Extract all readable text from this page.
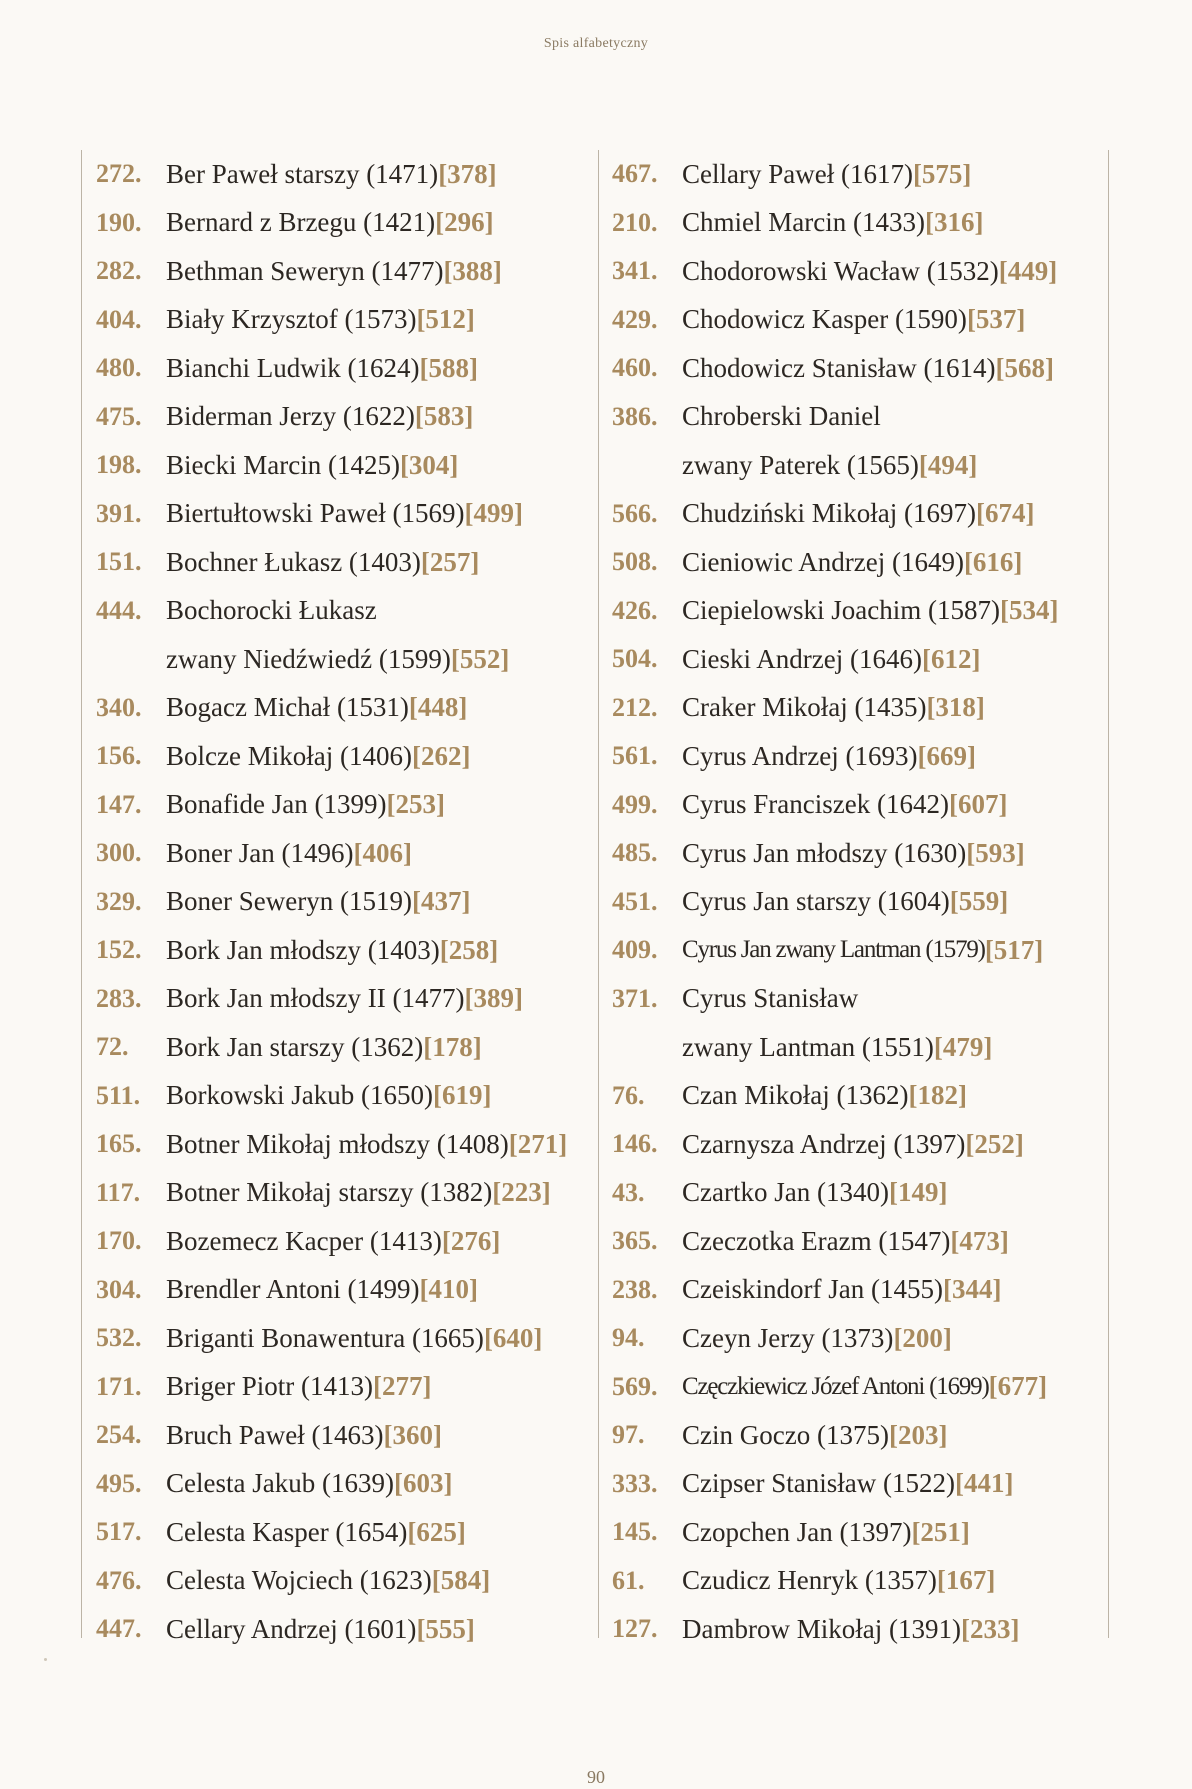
Spis alfabetyczny
272. Ber Paweł starszy (1471) [378]
190. Bernard z Brzegu (1421) [296]
282. Bethman Seweryn (1477) [388]
404. Biały Krzysztof (1573) [512]
480. Bianchi Ludwik (1624) [588]
475. Biderman Jerzy (1622) [583]
198. Biecki Marcin (1425) [304]
391. Biertułtowski Paweł (1569) [499]
151. Bochner Łukasz (1403) [257]
444. Bochorocki Łukasz
zwany Niedźwiedź (1599) [552]
340. Bogacz Michał (1531) [448]
156. Bolcze Mikołaj (1406) [262]
147. Bonafide Jan (1399) [253]
300. Boner Jan (1496) [406]
329. Boner Seweryn (1519) [437]
152. Bork Jan młodszy (1403) [258]
283. Bork Jan młodszy II (1477) [389]
72.	Bork Jan starszy (1362) [178]
511. Borkowski Jakub (1650) [619]
165. Botner Mikołaj młodszy (1408) [271]
117. Botner Mikołaj starszy (1382) [223]
170. Bozemecz Kacper (1413) [276]
304. Brendler Antoni (1499) [410]
532. Briganti Bonawentura (1665) [640]
171. Briger Piotr (1413) [277]
254. Bruch Paweł (1463) [360]
495. Celesta Jakub (1639) [603]
517. Celesta Kasper (1654) [625]
476. Celesta Wojciech (1623) [584]
447. Cellary Andrzej (1601) [555]
467. Cellary Paweł (1617) [575]
210. Chmiel Marcin (1433) [316]
341. Chodorowski Wacław (1532) [449]
429. Chodowicz Kasper (1590) [537]
460. Chodowicz Stanisław (1614) [568]
386. Chroberski Daniel
zwany Paterek (1565) [494]
566. Chudziński Mikołaj (1697) [674]
508. Cieniowic Andrzej (1649) [616]
426. Ciepielowski Joachim (1587) [534]
504. Cieski Andrzej (1646) [612]
212. Craker Mikołaj (1435) [318]
561. Cyrus Andrzej (1693) [669]
499. Cyrus Franciszek (1642) [607]
485. Cyrus Jan młodszy (1630) [593]
451. Cyrus Jan starszy (1604) [559]
409. Cyrus Jan zwany Lantman (1579) [517]
371. Cyrus Stanisław
zwany Lantman (1551) [479]
76.	Czan Mikołaj (1362) [182]
146. Czarnysza Andrzej (1397) [252]
43.	Czartko Jan (1340) [149]
365. Czeczotka Erazm (1547) [473]
238. Czeiskindorf Jan (1455) [344]
94.	Czeyn Jerzy (1373) [200]
569. Częczkiewicz Józef Antoni (1699) [677]
97.	Czin Goczo (1375) [203]
333. Czipser Stanisław (1522) [441]
145. Czopchen Jan (1397) [251]
61.	Czudicz Henryk (1357) [167]
127. Dambrow Mikołaj (1391) [233]
90
